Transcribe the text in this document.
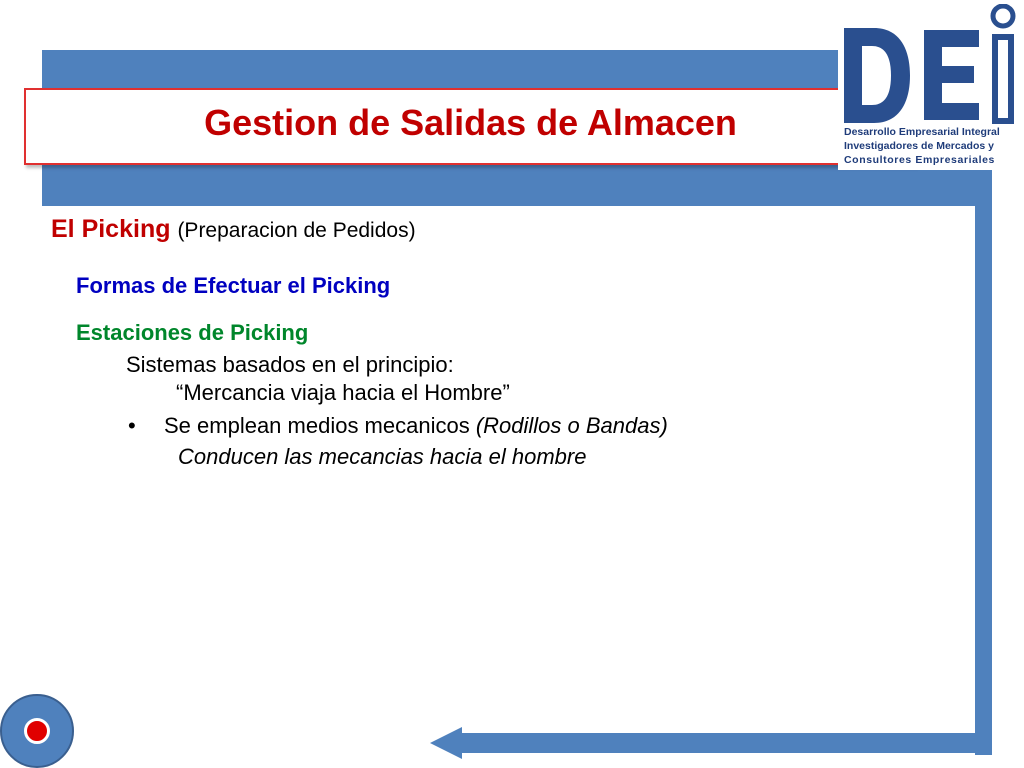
Gestion de Salidas de Almacen	Desarrollo Empresarial Integral
Investigadores de Mercados y
Consultores Empresariales
El Picking (Preparacion de Pedidos)
Formas de Efectuar el Picking
Estaciones de Picking
Sistemas basados en el principio:
“Mercancia viaja hacia el Hombre”
• Se emplean medios mecanicos (Rodillos o Bandas)
Conducen las mecancias hacia el hombre
